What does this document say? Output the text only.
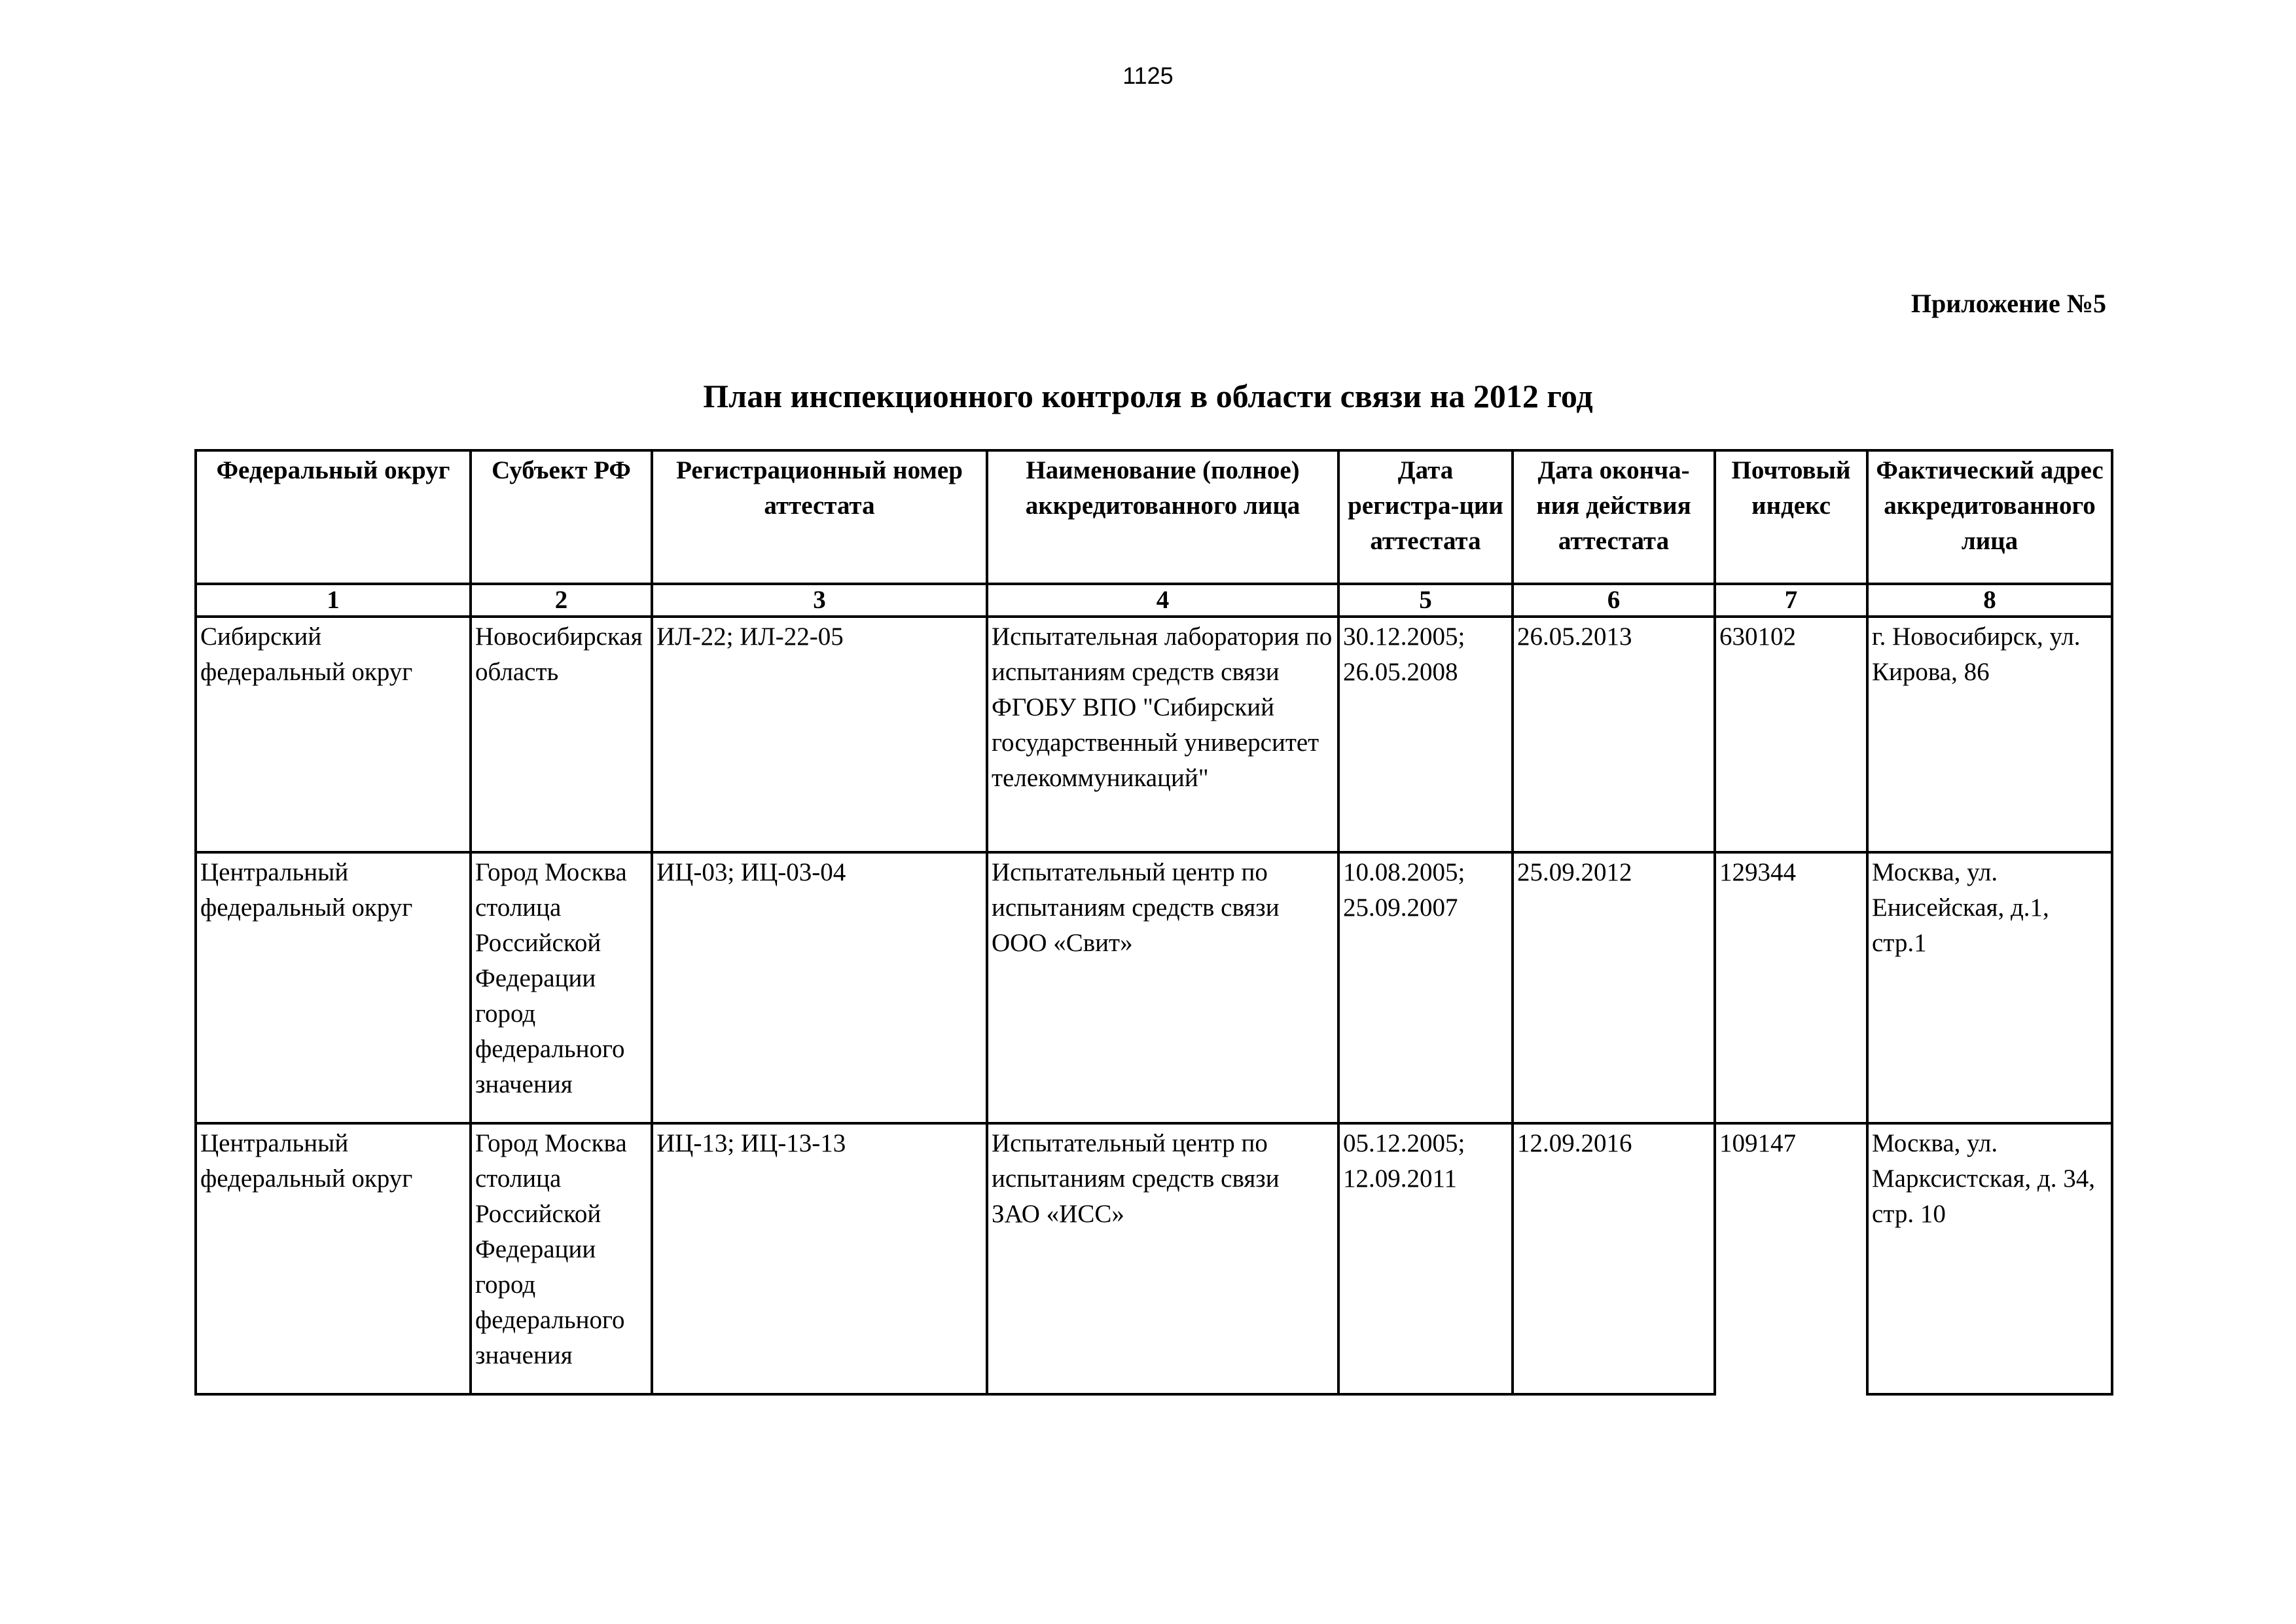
1125
Приложение №5
План инспекционного контроля в области связи на 2012 год
Федеральный округ	Субъект РФ	Регистрационный номер аттестата	Наименование (полное) аккредитованного лица	Дата регистра-ции аттестата	Дата оконча-ния действия аттестата	Почтовый индекс	Фактический адрес аккредитованного лица
1	2	3	4	5	6	7	8
Сибирский федеральный округ	Новосибирская область	ИЛ-22; ИЛ-22-05	Испытательная лаборатория по испытаниям средств связи ФГОБУ ВПО "Сибирский государственный университет телекоммуникаций"	30.12.2005; 26.05.2008	26.05.2013	630102	г. Новосибирск, ул. Кирова, 86
Центральный федеральный округ	Город Москва столица Российской Федерации город федерального значения	ИЦ-03; ИЦ-03-04	Испытательный центр по испытаниям средств связи ООО «Свит»	10.08.2005; 25.09.2007	25.09.2012	129344	Москва, ул. Енисейская, д.1, стр.1
Центральный федеральный округ	Город Москва столица Российской Федерации город федерального значения	ИЦ-13; ИЦ-13-13	Испытательный центр по испытаниям средств связи ЗАО «ИСС»	05.12.2005; 12.09.2011	12.09.2016	109147	Москва, ул. Марксистская, д. 34, стр. 10
